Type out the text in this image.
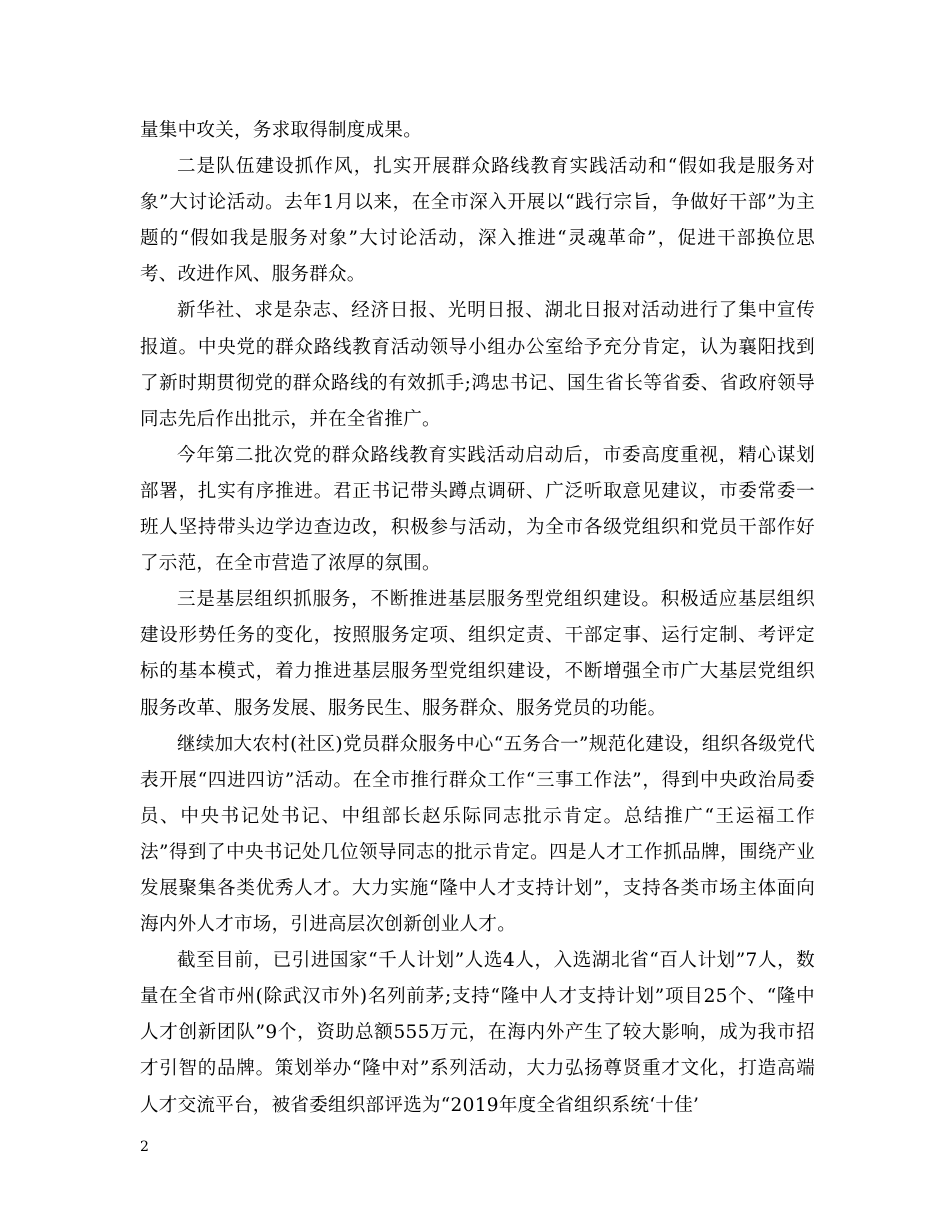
量集中攻关，务求取得制度成果。

二是队伍建设抓作风，扎实开展群众路线教育实践活动和“假如我是服务对象”大讨论活动。去年1月以来，在全市深入开展以“践行宗旨，争做好干部”为主题的“假如我是服务对象”大讨论活动，深入推进“灵魂革命”，促进干部换位思考、改进作风、服务群众。

新华社、求是杂志、经济日报、光明日报、湖北日报对活动进行了集中宣传报道。中央党的群众路线教育活动领导小组办公室给予充分肯定，认为襄阳找到了新时期贯彻党的群众路线的有效抓手;鸿忠书记、国生省长等省委、省政府领导同志先后作出批示，并在全省推广。

今年第二批次党的群众路线教育实践活动启动后，市委高度重视，精心谋划部署，扎实有序推进。君正书记带头蹲点调研、广泛听取意见建议，市委常委一班人坚持带头边学边查边改，积极参与活动，为全市各级党组织和党员干部作好了示范，在全市营造了浓厚的氛围。

三是基层组织抓服务，不断推进基层服务型党组织建设。积极适应基层组织建设形势任务的变化，按照服务定项、组织定责、干部定事、运行定制、考评定标的基本模式，着力推进基层服务型党组织建设，不断增强全市广大基层党组织服务改革、服务发展、服务民生、服务群众、服务党员的功能。

继续加大农村(社区)党员群众服务中心“五务合一”规范化建设，组织各级党代表开展“四进四访”活动。在全市推行群众工作“三事工作法”，得到中央政治局委员、中央书记处书记、中组部长赵乐际同志批示肯定。总结推广“王运福工作法”得到了中央书记处几位领导同志的批示肯定。四是人才工作抓品牌，围绕产业发展聚集各类优秀人才。大力实施“隆中人才支持计划”，支持各类市场主体面向海内外人才市场，引进高层次创新创业人才。

截至目前，已引进国家“千人计划”人选4人，入选湖北省“百人计划”7人，数量在全省市州(除武汉市外)名列前茅;支持“隆中人才支持计划”项目25个、“隆中人才创新团队”9个，资助总额555万元，在海内外产生了较大影响，成为我市招才引智的品牌。策划举办“隆中对”系列活动，大力弘扬尊贤重才文化，打造高端人才交流平台，被省委组织部评选为“2019年度全省组织系统‘十佳’

2
